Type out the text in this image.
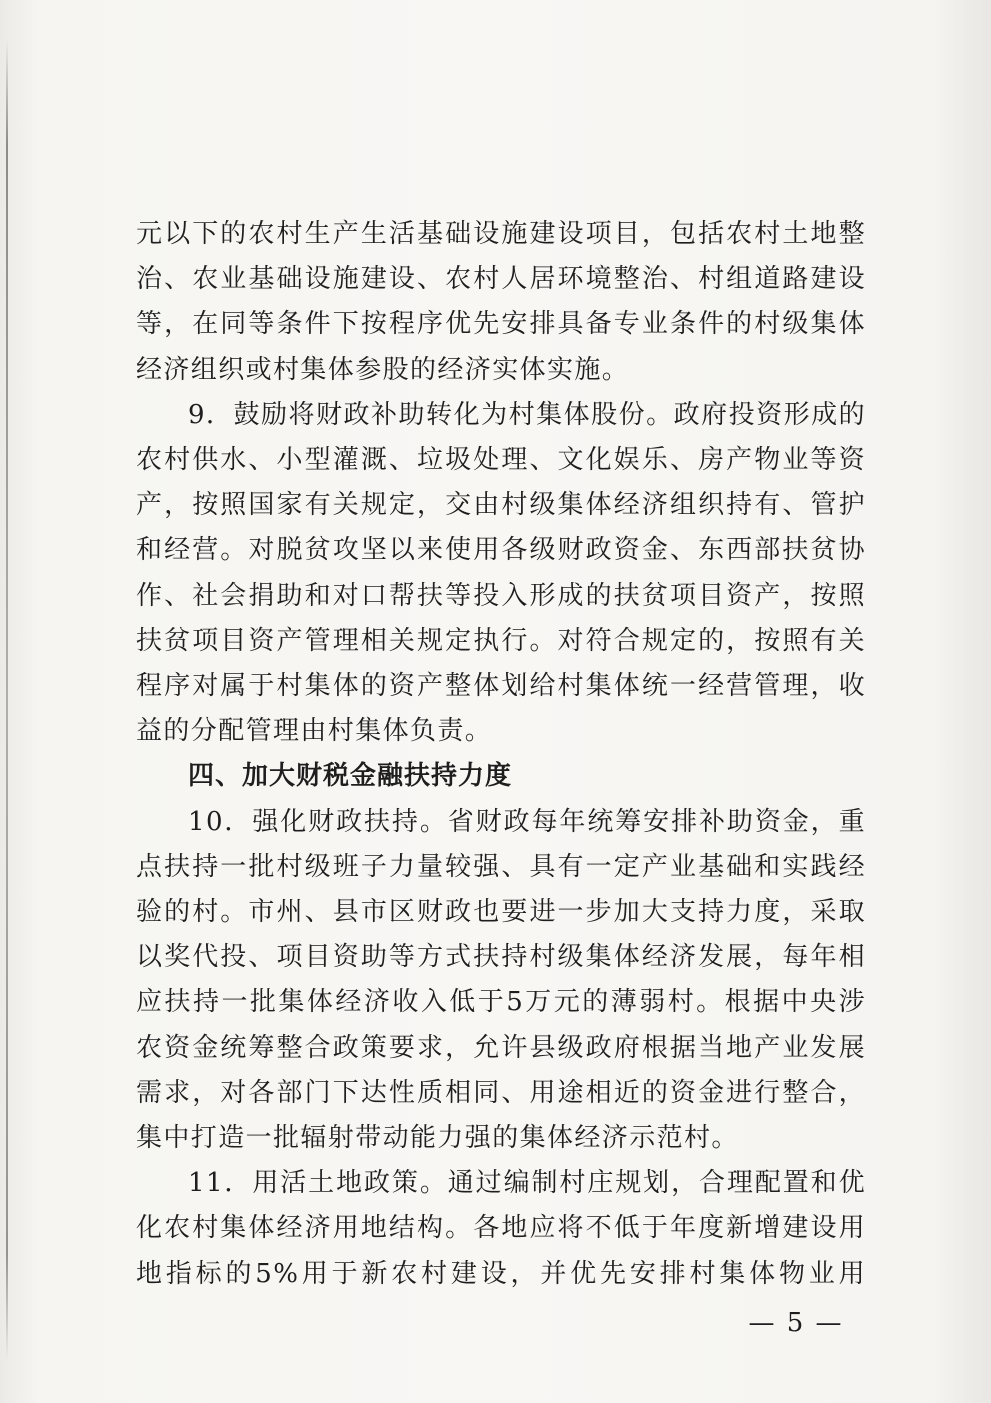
元以下的农村生产生活基础设施建设项目，包括农村土地整治、农业基础设施建设、农村人居环境整治、村组道路建设等，在同等条件下按程序优先安排具备专业条件的村级集体经济组织或村集体参股的经济实体实施。

9．鼓励将财政补助转化为村集体股份。政府投资形成的农村供水、小型灌溉、垃圾处理、文化娱乐、房产物业等资产，按照国家有关规定，交由村级集体经济组织持有、管护和经营。对脱贫攻坚以来使用各级财政资金、东西部扶贫协作、社会捐助和对口帮扶等投入形成的扶贫项目资产，按照扶贫项目资产管理相关规定执行。对符合规定的，按照有关程序对属于村集体的资产整体划给村集体统一经营管理，收益的分配管理由村集体负责。

四、加大财税金融扶持力度

10．强化财政扶持。省财政每年统筹安排补助资金，重点扶持一批村级班子力量较强、具有一定产业基础和实践经验的村。市州、县市区财政也要进一步加大支持力度，采取以奖代投、项目资助等方式扶持村级集体经济发展，每年相应扶持一批集体经济收入低于5万元的薄弱村。根据中央涉农资金统筹整合政策要求，允许县级政府根据当地产业发展需求，对各部门下达性质相同、用途相近的资金进行整合，集中打造一批辐射带动能力强的集体经济示范村。

11．用活土地政策。通过编制村庄规划，合理配置和优化农村集体经济用地结构。各地应将不低于年度新增建设用地指标的5%用于新农村建设，并优先安排村集体物业用

— 5 —
